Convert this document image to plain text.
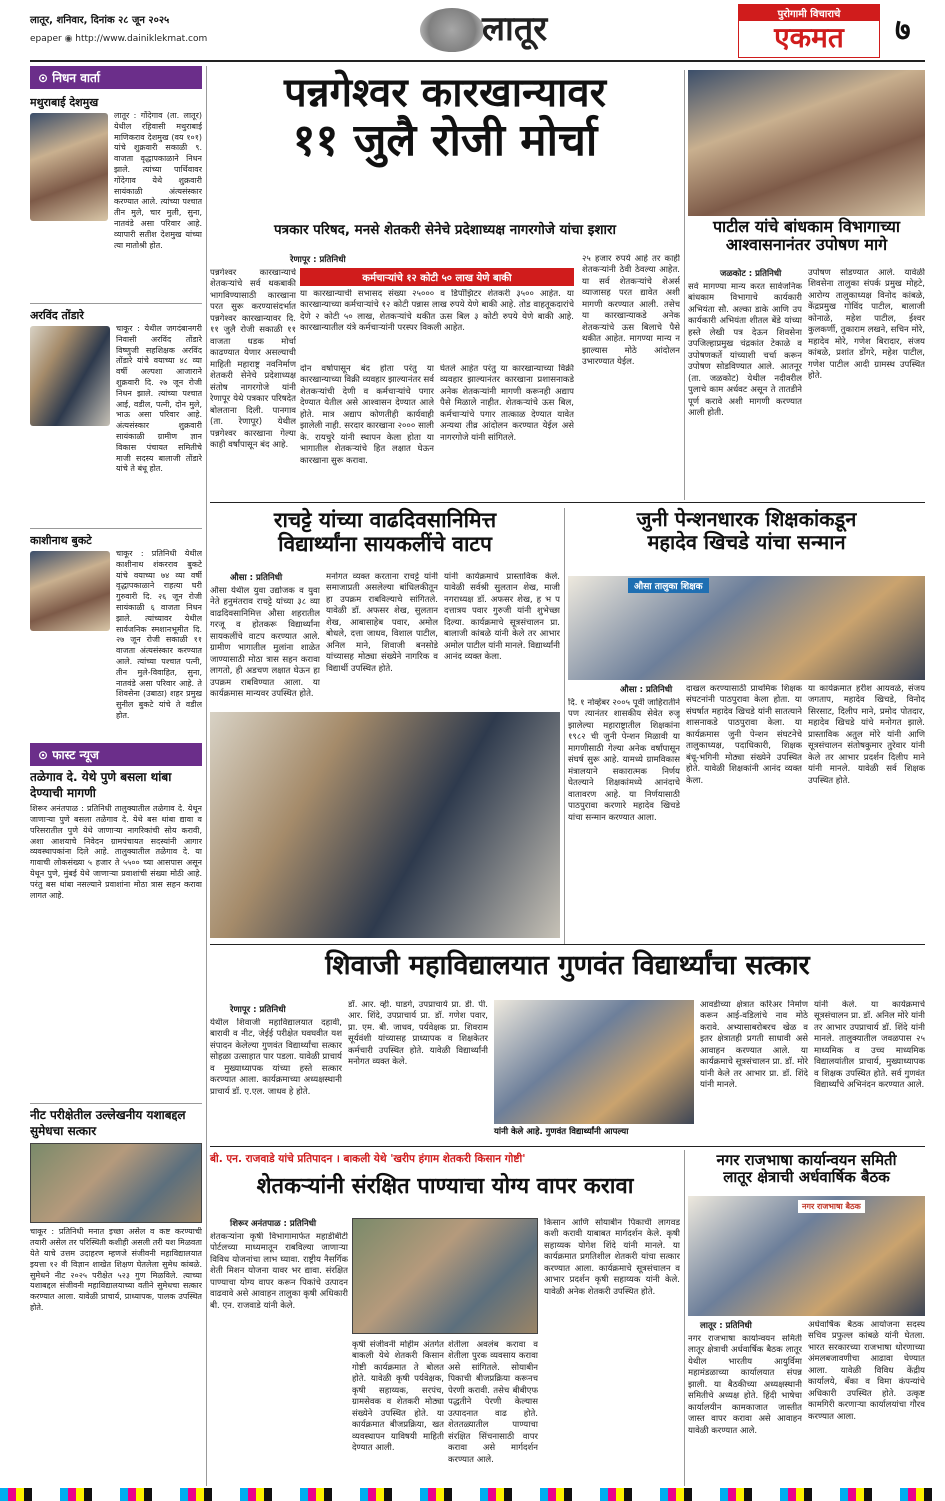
लातूर, शनिवार, दिनांक २८ जून २०२५
epaper ◉ http://www.dainiklekmat.com	लातूर	पुरोगामी विचाराचे
एकमत	७
⊙ निधन वार्ता
मथुराबाई देशमुख
लातूर : गोंदेगाव (ता. लातूर) येथील रहिवासी मथुराबाई माणिकराव देशमुख (वय १०१) यांचे शुक्रवारी सकाळी ९. वाजता वृद्धापकाळाने निधन झाले. त्यांच्या पार्थिवावर गोंदेगाव येथे शुक्रवारी सायंकाळी अंत्यसंस्कार करण्यात आले. त्यांच्या पश्चात तीन मुले, चार मुली, सुना, नातवंडे असा परिवार आहे. व्यापारी सतीश देशमुख यांच्या त्या मातोश्री होत.
अरविंद तोंडारे
चाकूर : येथील जगदंबानगरी निवासी अरविंद तोंडारे विष्णुजी सहशिक्षक अरविंद तोंडारे यांचे वयाच्या ४८ व्या वर्षी अल्पशा आजाराने शुक्रवारी दि. २७ जून रोजी निधन झाले. त्यांच्या पश्चात आई, वडील, पत्नी, दोन मुले, भाऊ असा परिवार आहे. अंत्यसंस्कार शुक्रवारी सायंकाळी ग्रामीण ज्ञान विकास पंचायत समितीचे माजी सदस्य बालाजी तोंडारे यांचे ते बंधू होत.
काशीनाथ बुकटे
चाकूर : प्रतिनिधी येथील काशीनाथ शंकरराव बुकटे यांचे वयाच्या ७४ व्या वर्षी वृद्धापकाळाने राहत्या घरी गुरुवारी दि. २६ जून रोजी सायंकाळी ६ वाजता निधन झाले. त्यांच्यावर येथील सार्वजनिक स्मशानभूमीत दि. २७ जून रोजी सकाळी ११ वाजता अंत्यसंस्कार करण्यात आले. त्यांच्या पश्चात पत्नी, तीन मुले-विवाहित, सुना, नातवंडे असा परिवार आहे. ते शिवसेना (उबाठा) शहर प्रमुख सुनील बुकटे यांचे ते वडील होत.
⊙ फास्ट न्यूज
तळेगाव दे. येथे पुणे बसला थांबा देण्याची मागणी
शिरूर अनंतपाळ : प्रतिनिधी तालुक्यातील तळेगाव दे. येथून जाणाऱ्या पुणे बसला तळेगाव दे. येथे बस थांबा द्यावा व परिसरातील पुणे येथे जाणाऱ्या नागरिकांची सोय करावी, अशा आशयाचे निवेदन ग्रामपंचायत सदस्यांनी आगार व्यवस्थापकांना दिले आहे. तालुक्यातील तळेगाव दे. या गावाची लोकसंख्या ५ हजार ते ५५०० च्या आसपास असून येथून पुणे, मुंबई येथे जाणाऱ्या प्रवाशांची संख्या मोठी आहे. परंतु बस थांबा नसल्याने प्रवाशांना मोठा त्रास सहन करावा लागत आहे.
नीट परीक्षेतील उल्लेखनीय यशाबद्दल सुमेधचा सत्कार
चाकूर : प्रतिनिधी मनात इच्छा असेल व कष्ट करण्याची तयारी असेल तर परिस्थिती कशीही असली तरी यश मिळवता येते याचे उत्तम उदाहरण म्हणजे संजीवनी महाविद्यालयात इयत्ता १२ वी विज्ञान शाखेत शिक्षण घेतलेला सुमेध कांबळे. सुमेधने नीट २०२५ परीक्षेत ५२३ गुण मिळविले. त्याच्या यशाबद्दल संजीवनी महाविद्यालयाच्या वतीने सुमेधचा सत्कार करण्यात आला. यावेळी प्राचार्य, प्राध्यापक, पालक उपस्थित होते.
पन्नगेश्वर कारखान्यावर
११ जुलै रोजी मोर्चा
पत्रकार परिषद, मनसे शेतकरी सेनेचे प्रदेशाध्यक्ष नागरगोजे यांचा इशारा
रेणापूर : प्रतिनिधी
कर्मचाऱ्यांचे १२ कोटी ५० लाख येणे बाकी
या कारखान्याची सभासद संख्या २५००० व डिपॉझिटर शेतकरी ३५०० आहेत. या कारखान्याच्या कर्मचाऱ्यांचे १२ कोटी पन्नास लाख रुपये येणे बाकी आहे. तोड वाहतूकदारांचे देणे २ कोटी ५० लाख, शेतकऱ्यांचे थकीत ऊस बिल ३ कोटी रुपये येणे बाकी आहे. कारखान्यातील यंत्रे कर्मचाऱ्यांनी परस्पर विकली आहेत.
पन्नगेश्वर कारखान्याचे शेतकऱ्यांचे सर्व थकबाकी भागविण्यासाठी कारखाना परत सुरू करण्यासंदर्भात पन्नगेश्वर कारखान्यावर दि. ११ जुलै रोजी सकाळी ११ वाजता धडक मोर्चा काढण्यात येणार असल्याची माहिती महाराष्ट्र नवनिर्माण शेतकरी सेनेचे प्रदेशाध्यक्ष संतोष नागरगोजे यांनी रेणापूर येथे पत्रकार परिषदेत बोलताना दिली. पानगाव (ता. रेणापूर) येथील पन्नगेश्वर कारखाना गेल्या काही वर्षांपासून बंद आहे.
दोन वर्षापासून बंद होता परंतु या कारखान्याच्या विक्री व्यवहार झाल्यानंतर सर्व शेतकऱ्यांची देणी व कर्मचाऱ्यांचे पगार देण्यात येतील असे आश्वासन देण्यात आले होते. मात्र अद्याप कोणतीही कार्यवाही झालेली नाही. सरदार कारखाना २००० साली के. रायचुरे यांनी स्थापन केला होता या भागातील शेतकऱ्यांचे हित लक्षात घेऊन कारखाना सुरू करावा.
घेतले आहेत परंतु या कारखान्याच्या विक्री व्यवहार झाल्यानंतर कारखाना प्रशासनाकडे अनेक शेतकऱ्यांनी मागणी करूनही अद्याप पैसे मिळाले नाहीत. शेतकऱ्यांचे ऊस बिल, कर्मचाऱ्यांचे पगार तात्काळ देण्यात यावेत अन्यथा तीव्र आंदोलन करण्यात येईल असे नागरगोजे यांनी सांगितले.
२५ हजार रुपये आहे तर काही शेतकऱ्यांनी ठेवी ठेवल्या आहेत. या सर्व शेतकऱ्यांचे शेअर्स व्याजासह परत द्यावेत अशी मागणी करण्यात आली. तसेच या कारखान्याकडे अनेक शेतकऱ्यांचे ऊस बिलाचे पैसे थकीत आहेत. मागण्या मान्य न झाल्यास मोठे आंदोलन उभारण्यात येईल.
पाटील यांचे बांधकाम विभागाच्या
आश्वासनानंतर उपोषण मागे
जळकोट : प्रतिनिधी
सर्व मागण्या मान्य करत सार्वजनिक बांधकाम विभागाचे कार्यकारी अभियंता सौ. अल्का डाके आणि उप कार्यकारी अभियंता शीतल बेंडे यांच्या हस्ते लेखी पत्र देऊन शिवसेना उपजिल्हाप्रमुख चंद्रकांत टेकाळे व उपोषणकर्ते यांच्याशी चर्चा करून उपोषण सोडविण्यात आले. आतनूर (ता. जळकोट) येथील नदीवरील पुलाचे काम अर्धवट असून ते तातडीने पूर्ण करावे अशी मागणी करण्यात आली होती.
उपोषण सोडण्यात आले. यावेळी शिवसेना तालुका संपर्क प्रमुख मोहटे, आरोग्य तालुकाध्यक्ष विनोद कांबळे, केंद्रप्रमुख गोविंद पाटील, बालाजी कोनाळे, महेश पाटील, ईश्वर कुलकर्णी, तुकाराम लखने, सचिन मोरे, महादेव मोरे, गणेश बिरादार, संजय कांबळे, प्रशांत डोंगरे, महेश पाटील, गणेश पाटील आदी ग्रामस्थ उपस्थित होते.
राचट्टे यांच्या वाढदिवसानिमित्त
विद्यार्थ्यांना सायकलींचे वाटप
औसा : प्रतिनिधी
औसा येथील युवा उद्योजक व युवा नेते हनुमंतराव राचट्टे यांच्या ३८ व्या वाढदिवसानिमित्त औसा शहरातील गरजू व होतकरू विद्यार्थ्यांना सायकलींचे वाटप करण्यात आले. ग्रामीण भागातील मुलांना शाळेत जाण्यासाठी मोठा त्रास सहन करावा लागतो, ही अडचण लक्षात घेऊन हा उपक्रम राबविण्यात आला. या कार्यक्रमास मान्यवर उपस्थित होते.
मनोगत व्यक्त करताना राचट्टे यांनी समाजाप्रती असलेल्या बांधिलकीतून हा उपक्रम राबविल्याचे सांगितले. यावेळी डॉ. अफसर शेख, सुलतान शेख, आबासाहेब पवार, अमोल बोधले, दत्ता जाधव, विशाल पाटील, अनिल माने, शिवाजी बनसोडे यांच्यासह मोठ्या संख्येने नागरिक व विद्यार्थी उपस्थित होते.
यांनी कार्यक्रमाचे प्रास्ताविक केले. यावेळी सर्वश्री सुलतान शेख, माजी नगराध्यक्ष डॉ. अफसर शेख, ह भ प दत्तात्रय पवार गुरुजी यांनी शुभेच्छा दिल्या. कार्यक्रमाचे सूत्रसंचालन प्रा. बालाजी कांबळे यांनी केले तर आभार अमोल पाटील यांनी मानले. विद्यार्थ्यांनी आनंद व्यक्त केला.
जुनी पेन्शनधारक शिक्षकांकडून
महादेव खिचडे यांचा सन्मान
औसा तालुका शिक्षक
औसा : प्रतिनिधी
दि. १ नोव्हेंबर २००५ पूर्वी जाहिरातीने पण त्यानंतर शासकीय सेवेत रुजू झालेल्या महाराष्ट्रातील शिक्षकांना १९८२ ची जुनी पेन्शन मिळावी या मागणीसाठी गेल्या अनेक वर्षांपासून संघर्ष सुरू आहे. यामध्ये ग्रामविकास मंत्रालयाने सकारात्मक निर्णय घेतल्याने शिक्षकांमध्ये आनंदाचे वातावरण आहे. या निर्णयासाठी पाठपुरावा करणारे महादेव खिचडे यांचा सन्मान करण्यात आला.
दाखल करण्यासाठी प्राथमिक शिक्षक संघटनांनी पाठपुरावा केला होता. या संघर्षात महादेव खिचडे यांनी सातत्याने शासनाकडे पाठपुरावा केला. या कार्यक्रमास जुनी पेन्शन संघटनेचे तालुकाध्यक्ष, पदाधिकारी, शिक्षक बंधू-भगिनी मोठ्या संख्येने उपस्थित होते. यावेळी शिक्षकांनी आनंद व्यक्त केला.
या कार्यक्रमात हरीश आयवळे, संजय जगताप, महादेव खिचडे, विनोद सिरसाट, दिलीप माने, प्रमोद पोतदार, महादेव खिचडे यांचे मनोगत झाले. प्रास्ताविक अतुल मोरे यांनी आणि सूत्रसंचालन संतोषकुमार तुरेवार यांनी केले तर आभार प्रदर्शन दिलीप माने यांनी मानले. यावेळी सर्व शिक्षक उपस्थित होते.
शिवाजी महाविद्यालयात गुणवंत विद्यार्थ्यांचा सत्कार
रेणापूर : प्रतिनिधी
येथील शिवाजी महाविद्यालयात दहावी, बारावी व नीट, जेईई परीक्षेत घवघवीत यश संपादन केलेल्या गुणवंत विद्यार्थ्यांचा सत्कार सोहळा उत्साहात पार पडला. यावेळी प्राचार्य व मुख्याध्यापक यांच्या हस्ते सत्कार करण्यात आला. कार्यक्रमाच्या अध्यक्षस्थानी प्राचार्य डॉ. ए.एल. जाधव हे होते.
डॉ. आर. व्ही. घाडगे, उपप्राचार्य प्रा. डी. पी. आर. शिंदे, उपप्राचार्य प्रा. डॉ. गणेश पवार, प्रा. एम. बी. जाधव, पर्यवेक्षक प्रा. शिवराम सूर्यवंशी यांच्यासह प्राध्यापक व शिक्षकेतर कर्मचारी उपस्थित होते. यावेळी विद्यार्थ्यांनी मनोगत व्यक्त केले.
यांनी केले आहे. गुणवंत विद्यार्थ्यांनी आपल्या
आवडीच्या क्षेत्रात करिअर निर्माण करून आई-वडिलांचे नाव मोठे करावे. अभ्यासाबरोबरच खेळ व इतर क्षेत्रातही प्रगती साधावी असे आवाहन करण्यात आले. या कार्यक्रमाचे सूत्रसंचालन प्रा. डॉ. मोरे यांनी केले तर आभार प्रा. डॉ. शिंदे यांनी मानले.
यांनी केले. या कार्यक्रमाचे सूत्रसंचालन प्रा. डॉ. अनिल मोरे यांनी तर आभार उपप्राचार्य डॉ. शिंदे यांनी मानले. तालुक्यातील जवळपास २५ माध्यमिक व उच्च माध्यमिक विद्यालयांतील प्राचार्य, मुख्याध्यापक व शिक्षक उपस्थित होते. सर्व गुणवंत विद्यार्थ्यांचे अभिनंदन करण्यात आले.
बी. एन. राजवाडे यांचे प्रतिपादन । बाकली येथे 'खरीप हंगाम शेतकरी किसान गोष्टी'
शेतकऱ्यांनी संरक्षित पाण्याचा योग्य वापर करावा
शिरूर अनंतपाळ : प्रतिनिधी
शेतकऱ्यांना कृषी विभागामार्फत महाडीबीटी पोर्टलच्या माध्यमातून राबविल्या जाणाऱ्या विविध योजनांचा लाभ घ्यावा. राष्ट्रीय नैसर्गिक शेती मिशन योजना यावर भर द्यावा. संरक्षित पाण्याचा योग्य वापर करून पिकांचे उत्पादन वाढवावे असे आवाहन तालुका कृषी अधिकारी बी. एन. राजवाडे यांनी केले.
कृषी संजीवनी मोहीम अंतर्गत बाकली येथे शेतकरी किसान गोष्टी कार्यक्रमात ते बोलत होते. यावेळी कृषी पर्यवेक्षक, कृषी सहाय्यक, सरपंच, ग्रामसेवक व शेतकरी मोठ्या संख्येने उपस्थित होते. या कार्यक्रमात बीजप्रक्रिया, खत व्यवस्थापन याविषयी माहिती देण्यात आली.
शेतीला अवलंब करावा व शेतीला पुरक व्यवसाय करावा असे सांगितले. सोयाबीन पिकाची बीजप्रक्रिया करूनच पेरणी करावी. तसेच बीबीएफ पद्धतीने पेरणी केल्यास उत्पादनात वाढ होते. शेततळ्यातील पाण्याचा संरक्षित सिंचनासाठी वापर करावा असे मार्गदर्शन करण्यात आले.
किसान आणि सोयाबीन पिकाची लागवड कशी करावी याबाबत मार्गदर्शन केले. कृषी सहाय्यक योगेश शिंदे यांनी मानले. या कार्यक्रमात प्रगतिशील शेतकरी यांचा सत्कार करण्यात आला. कार्यक्रमाचे सूत्रसंचालन व आभार प्रदर्शन कृषी सहाय्यक यांनी केले. यावेळी अनेक शेतकरी उपस्थित होते.
नगर राजभाषा कार्यान्वयन समिती
लातूर क्षेत्राची अर्धवार्षिक बैठक
नगर राजभाषा बैठक
लातूर : प्रतिनिधी
नगर राजभाषा कार्यान्वयन समिती लातूर क्षेत्राची अर्धवार्षिक बैठक लातूर येथील भारतीय आयुर्विमा महामंडळाच्या कार्यालयात संपन्न झाली. या बैठकीच्या अध्यक्षस्थानी समितीचे अध्यक्ष होते. हिंदी भाषेचा कार्यालयीन कामकाजात जास्तीत जास्त वापर करावा असे आवाहन यावेळी करण्यात आले.
अर्धवार्षिक बैठक आयोजना सदस्य सचिव प्रफुल्ल कांबळे यांनी घेतला. भारत सरकारच्या राजभाषा धोरणाच्या अंमलबजावणीचा आढावा घेण्यात आला. यावेळी विविध केंद्रीय कार्यालये, बँका व विमा कंपन्यांचे अधिकारी उपस्थित होते. उत्कृष्ट कामगिरी करणाऱ्या कार्यालयांचा गौरव करण्यात आला.
